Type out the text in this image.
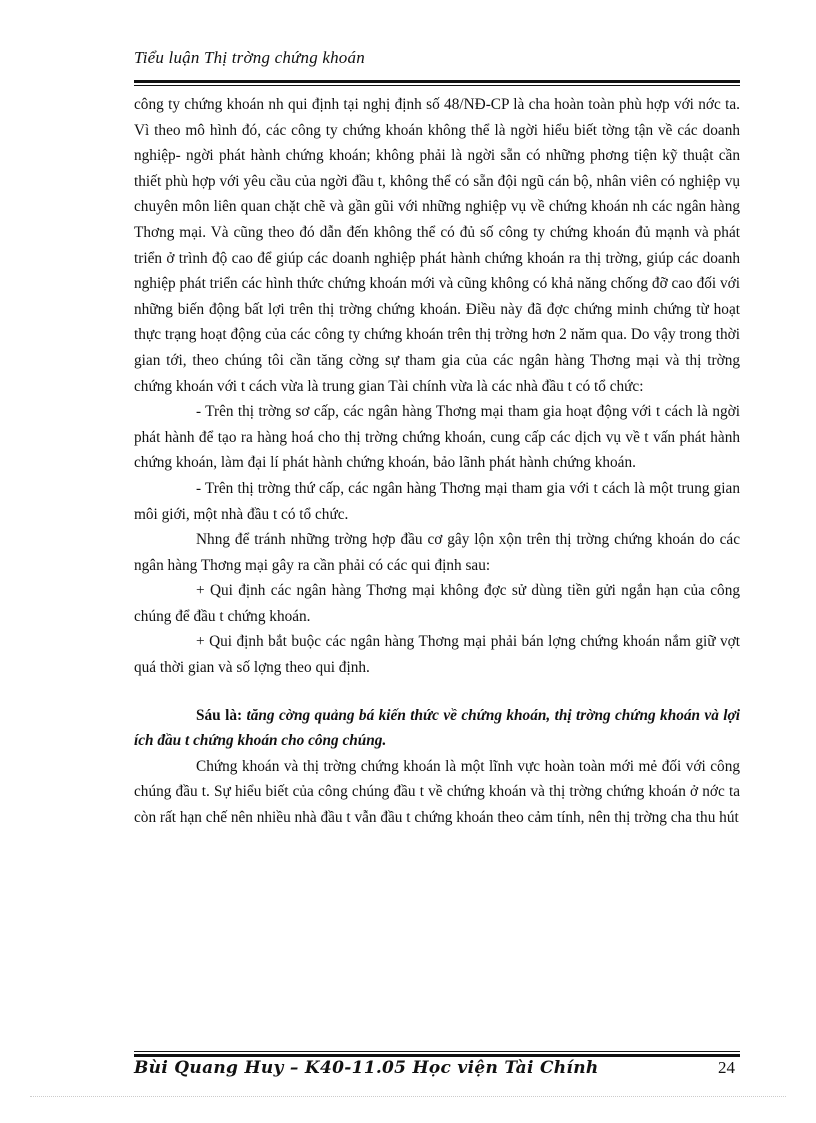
Tiểu luận Thị trờng chứng khoán

công ty chứng khoán nh qui định tại nghị định số 48/NĐ-CP là cha hoàn toàn phù hợp với nớc ta. Vì theo mô hình đó, các công ty chứng khoán không thể là ngời hiểu biết tờng tận về các doanh nghiệp- ngời phát hành chứng khoán; không phải là ngời sẵn có những phơng tiện kỹ thuật cần thiết phù hợp với yêu cầu của ngời đầu t, không thể có sẵn đội ngũ cán bộ, nhân viên có nghiệp vụ chuyên môn liên quan chặt chẽ và gần gũi với những nghiệp vụ về chứng khoán nh các ngân hàng Thơng mại. Và cũng theo đó dẫn đến không thể có đủ số công ty chứng khoán đủ mạnh và phát triển ở trình độ cao để giúp các doanh nghiệp phát hành chứng khoán ra thị trờng, giúp các doanh nghiệp phát triển các hình thức chứng khoán mới và cũng không có khả năng chống đỡ cao đối với những biến động bất lợi trên thị trờng chứng khoán. Điều này đã đợc chứng minh chứng từ hoạt thực trạng hoạt động của các công ty chứng khoán trên thị trờng hơn 2 năm qua. Do vậy trong thời gian tới, theo chúng tôi cần tăng cờng sự tham gia của các ngân hàng Thơng mại và thị trờng chứng khoán với t cách vừa là trung gian Tài chính vừa là các nhà đầu t có tổ chức:

- Trên thị trờng sơ cấp, các ngân hàng Thơng mại tham gia hoạt động với t cách là ngời phát hành để tạo ra hàng hoá cho thị trờng chứng khoán, cung cấp các dịch vụ về t vấn phát hành chứng khoán, làm đại lí phát hành chứng khoán, bảo lãnh phát hành chứng khoán.

- Trên thị trờng thứ cấp, các ngân hàng Thơng mại tham gia với t cách là một trung gian môi giới, một nhà đầu t có tổ chức.

Nhng để tránh những trờng hợp đầu cơ gây lộn xộn trên thị trờng chứng khoán do các ngân hàng Thơng mại gây ra cần phải có các qui định sau:

+ Qui định các ngân hàng Thơng mại không đợc sử dùng tiền gửi ngắn hạn của công chúng để đầu t chứng khoán.

+ Qui định bắt buộc các ngân hàng Thơng mại phải bán lợng chứng khoán nắm giữ vợt quá thời gian và số lợng theo qui định.

Sáu là: tăng cờng quảng bá kiến thức về chứng khoán, thị trờng chứng khoán và lợi ích đầu t chứng khoán cho công chúng.

Chứng khoán và thị trờng chứng khoán là một lĩnh vực hoàn toàn mới mẻ đối với công chúng đầu t. Sự hiểu biết của công chúng đầu t về chứng khoán và thị trờng chứng khoán ở nớc ta còn rất hạn chế nên nhiều nhà đầu t vẫn đầu t chứng khoán theo cảm tính, nên thị trờng cha thu hút

Bùi Quang Huy – K40-11.05 Học viện Tài Chính	24
